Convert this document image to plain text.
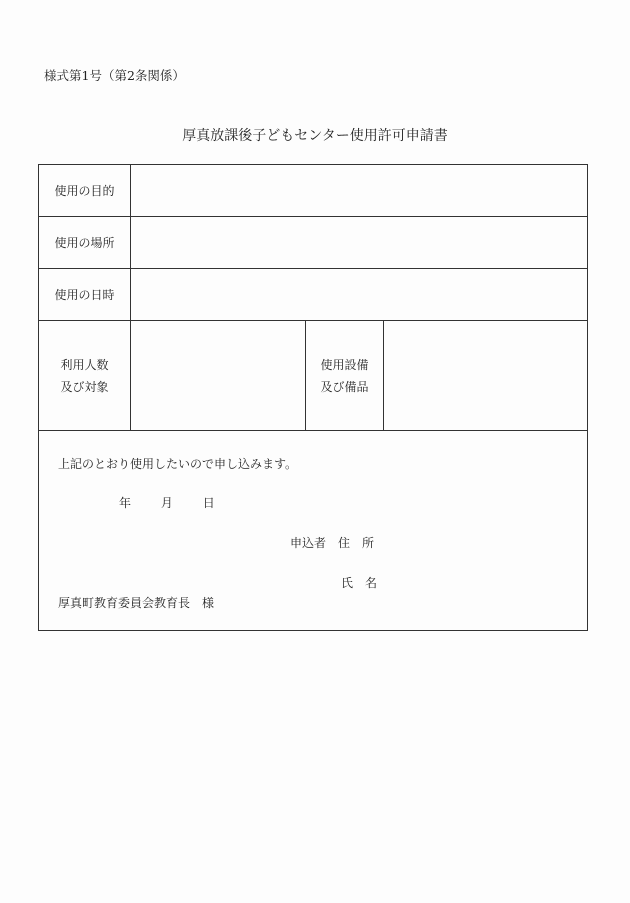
様式第1号（第2条関係）
厚真放課後子どもセンター使用許可申請書
使用の目的
使用の場所
使用の日時
利用人数
及び対象
使用設備
及び備品
上記のとおり使用したいので申し込みます。
年 月 日
申込者 住　所
氏　名
厚真町教育委員会教育長 様
